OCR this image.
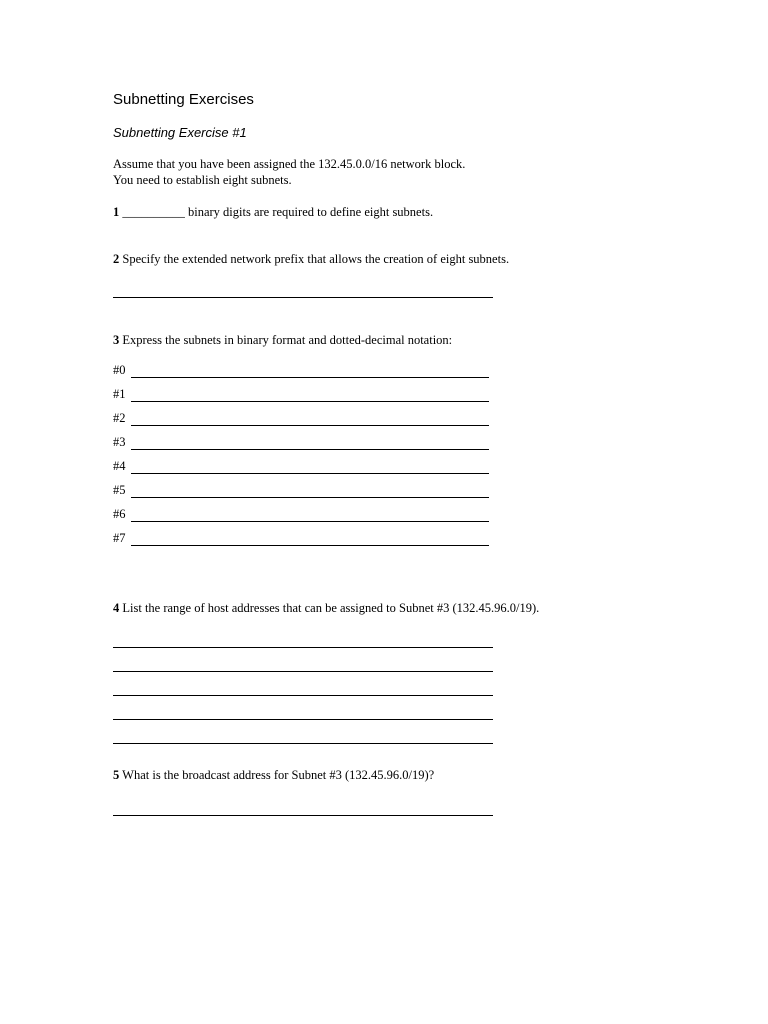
Subnetting Exercises
Subnetting Exercise #1
Assume that you have been assigned the 132.45.0.0/16 network block.
You need to establish eight subnets.
1 __________ binary digits are required to define eight subnets.
2 Specify the extended network prefix that allows the creation of eight subnets.
3 Express the subnets in binary format and dotted-decimal notation:
#0
#1
#2
#3
#4
#5
#6
#7
4 List the range of host addresses that can be assigned to Subnet #3 (132.45.96.0/19).
5 What is the broadcast address for Subnet #3 (132.45.96.0/19)?
